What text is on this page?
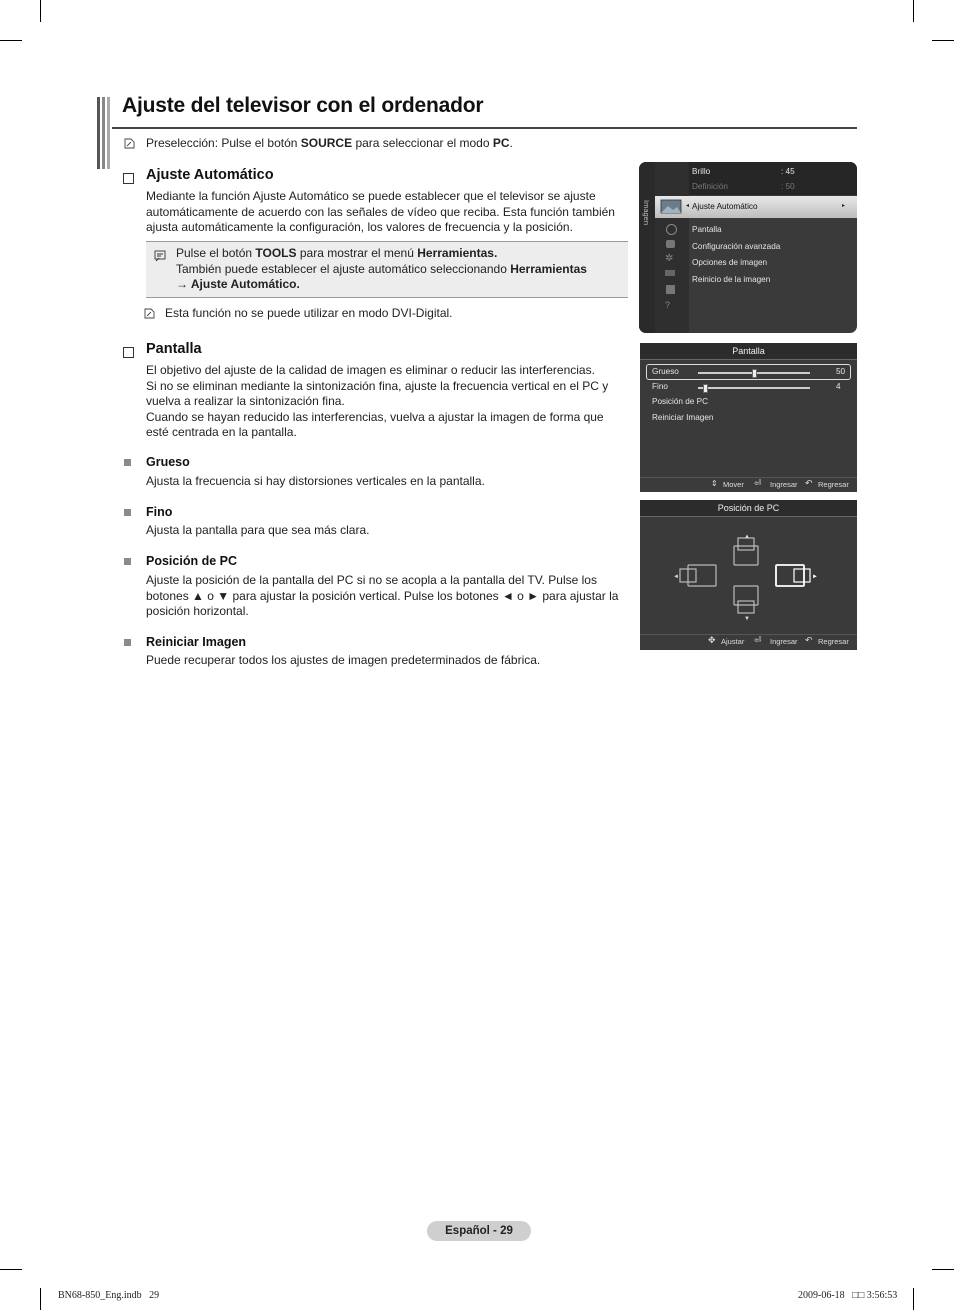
Ajuste del televisor con el ordenador
Preselección: Pulse el botón SOURCE para seleccionar el modo PC.
Ajuste Automático
Mediante la función Ajuste Automático se puede establecer que el televisor se ajuste automáticamente de acuerdo con las señales de vídeo que reciba. Esta función también ajusta automáticamente la configuración, los valores de frecuencia y la posición.
Pulse el botón TOOLS para mostrar el menú Herramientas.
También puede establecer el ajuste automático seleccionando Herramientas
→ Ajuste Automático.
Esta función no se puede utilizar en modo DVI-Digital.
Pantalla
El objetivo del ajuste de la calidad de imagen es eliminar o reducir las interferencias.
Si no se eliminan mediante la sintonización fina, ajuste la frecuencia vertical en el PC y vuelva a realizar la sintonización fina.
Cuando se hayan reducido las interferencias, vuelva a ajustar la imagen de forma que esté centrada en la pantalla.
Grueso
Ajusta la frecuencia si hay distorsiones verticales en la pantalla.
Fino
Ajusta la pantalla para que sea más clara.
Posición de PC
Ajuste la posición de la pantalla del PC si no se acopla a la pantalla del TV. Pulse los botones ▲ o ▼ para ajustar la posición vertical. Pulse los botones ◄ o ► para ajustar la posición horizontal.
Reiniciar Imagen
Puede recuperar todos los ajustes de imagen predeterminados de fábrica.
Imagen
Brillo	: 45
Definición	: 50
◂ Ajuste Automático	▸
Pantalla
Configuración avanzada
Opciones de imagen
Reinicio de la imagen
✲
?
Pantalla
Grueso	50
Fino	4
Posición de PC
Reiniciar Imagen
⇕ Mover ⏎ Ingresar ↶ Regresar
Posición de PC
▲
▼
◄	►
✥ Ajustar ⏎ Ingresar ↶ Regresar
Español - 29
BN68-850_Eng.indb   29	2009-06-18   □□ 3:56:53
